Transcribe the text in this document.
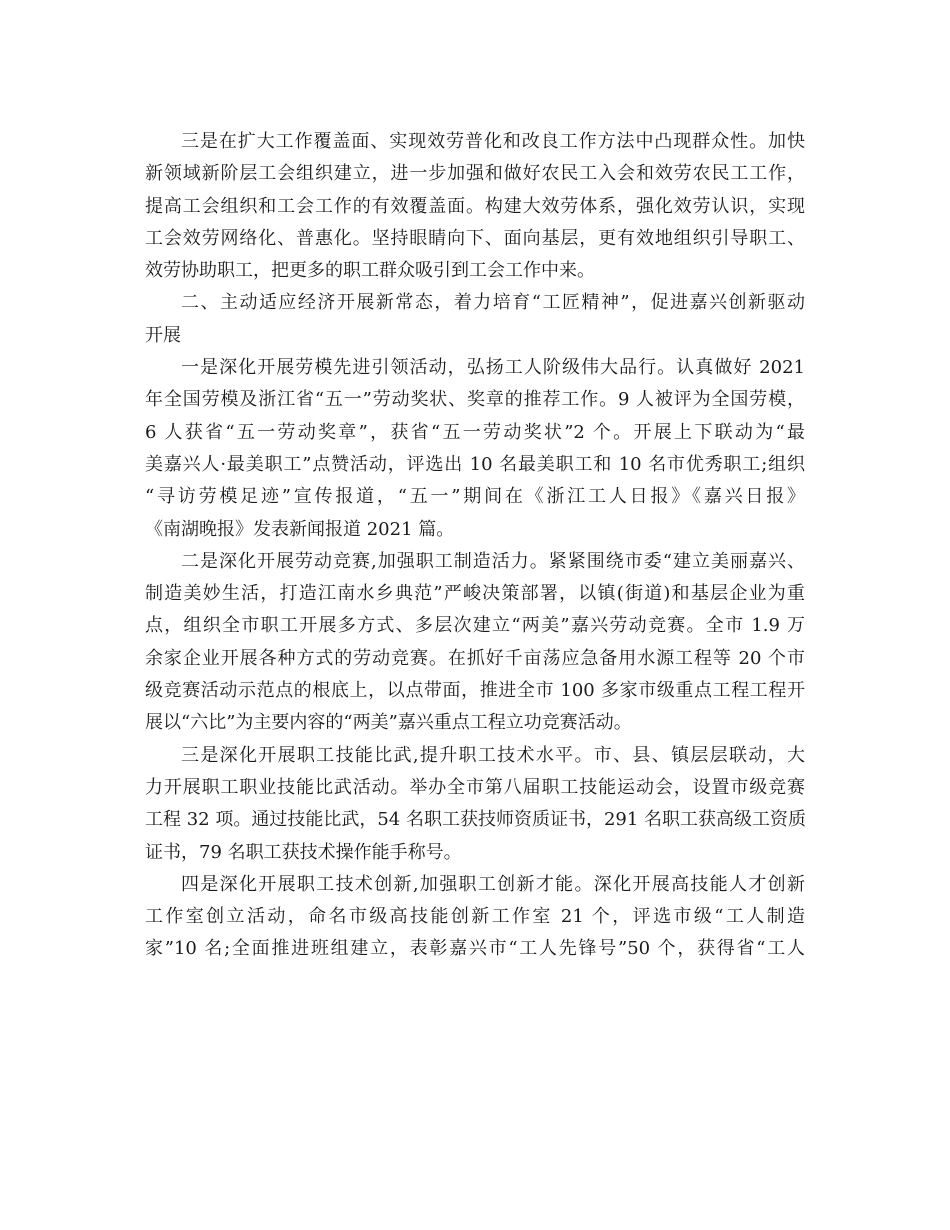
三是在扩大工作覆盖面、实现效劳普化和改良工作方法中凸现群众性。加快
新领域新阶层工会组织建立，进一步加强和做好农民工入会和效劳农民工工作，
提高工会组织和工会工作的有效覆盖面。构建大效劳体系，强化效劳认识，实现
工会效劳网络化、普惠化。坚持眼睛向下、面向基层，更有效地组织引导职工、
效劳协助职工，把更多的职工群众吸引到工会工作中来。
二、主动适应经济开展新常态，着力培育“工匠精神”，促进嘉兴创新驱动
开展
一是深化开展劳模先进引领活动，弘扬工人阶级伟大品行。认真做好 2021
年全国劳模及浙江省“五一”劳动奖状、奖章的推荐工作。9 人被评为全国劳模，
6 人获省“五一劳动奖章”，获省“五一劳动奖状”2 个。开展上下联动为“最
美嘉兴人·最美职工”点赞活动，评选出 10 名最美职工和 10 名市优秀职工;组织
“寻访劳模足迹”宣传报道，“五一”期间在《浙江工人日报》《嘉兴日报》
《南湖晚报》发表新闻报道 2021 篇。
二是深化开展劳动竞赛,加强职工制造活力。紧紧围绕市委“建立美丽嘉兴、
制造美妙生活，打造江南水乡典范”严峻决策部署，以镇(街道)和基层企业为重
点，组织全市职工开展多方式、多层次建立“两美”嘉兴劳动竞赛。全市 1.9 万
余家企业开展各种方式的劳动竞赛。在抓好千亩荡应急备用水源工程等 20 个市
级竞赛活动示范点的根底上，以点带面，推进全市 100 多家市级重点工程工程开
展以“六比”为主要内容的“两美”嘉兴重点工程立功竞赛活动。
三是深化开展职工技能比武,提升职工技术水平。市、县、镇层层联动，大
力开展职工职业技能比武活动。举办全市第八届职工技能运动会，设置市级竞赛
工程 32 项。通过技能比武，54 名职工获技师资质证书，291 名职工获高级工资质
证书，79 名职工获技术操作能手称号。
四是深化开展职工技术创新,加强职工创新才能。深化开展高技能人才创新
工作室创立活动，命名市级高技能创新工作室 21 个，评选市级“工人制造
家”10 名;全面推进班组建立，表彰嘉兴市“工人先锋号”50 个，获得省“工人
